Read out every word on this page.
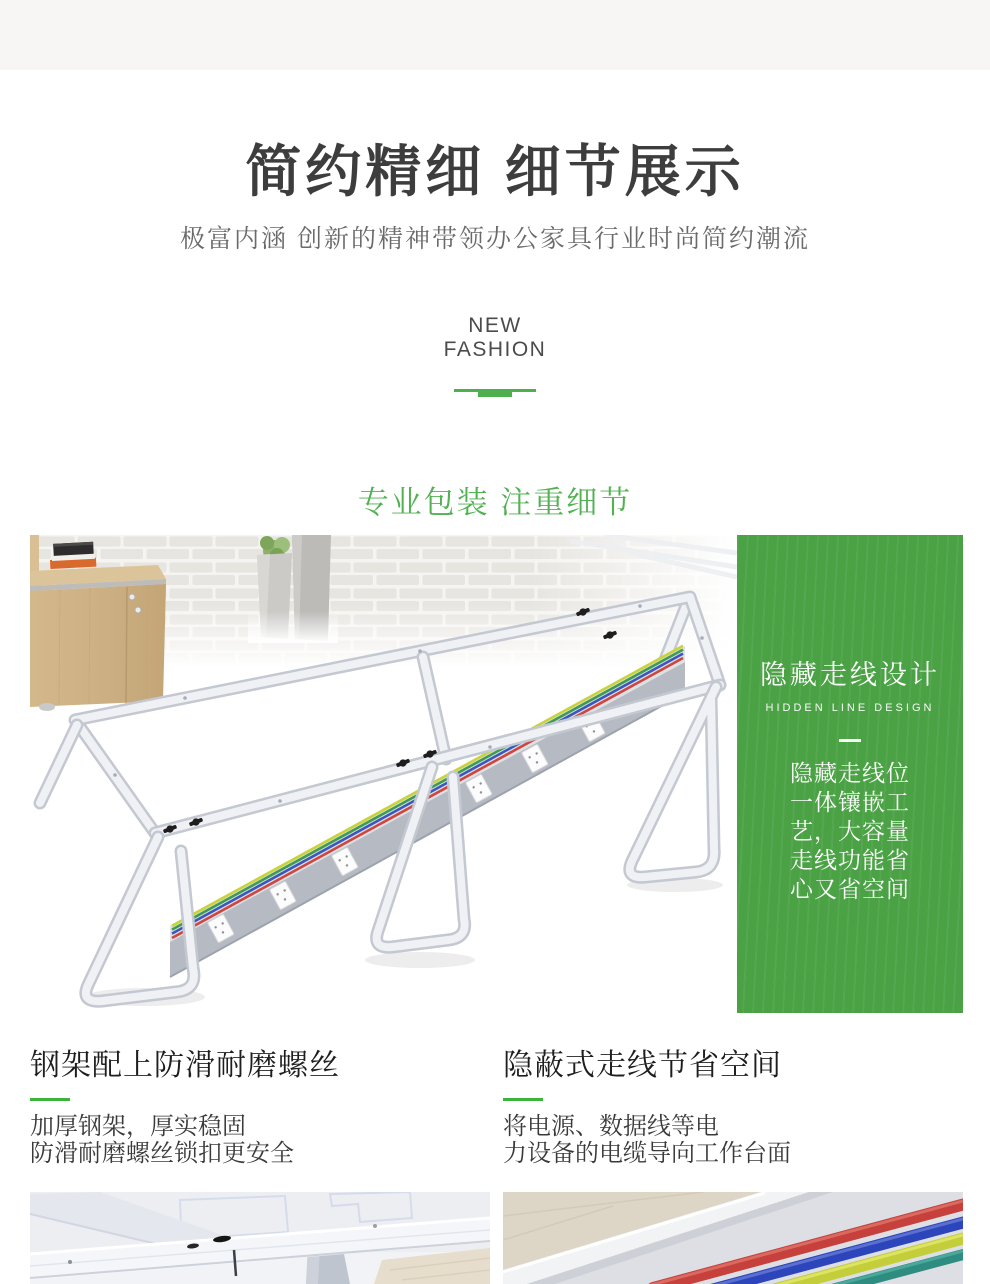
简约精细 细节展示
极富内涵 创新的精神带领办公家具行业时尚简约潮流
NEW
FASHION
专业包装 注重细节
隐藏走线设计
HIDDEN LINE DESIGN
隐藏走线位
一体镶嵌工
艺，大容量
走线功能省
心又省空间
钢架配上防滑耐磨螺丝
加厚钢架，厚实稳固
防滑耐磨螺丝锁扣更安全
隐蔽式走线节省空间
将电源、数据线等电
力设备的电缆导向工作台面
